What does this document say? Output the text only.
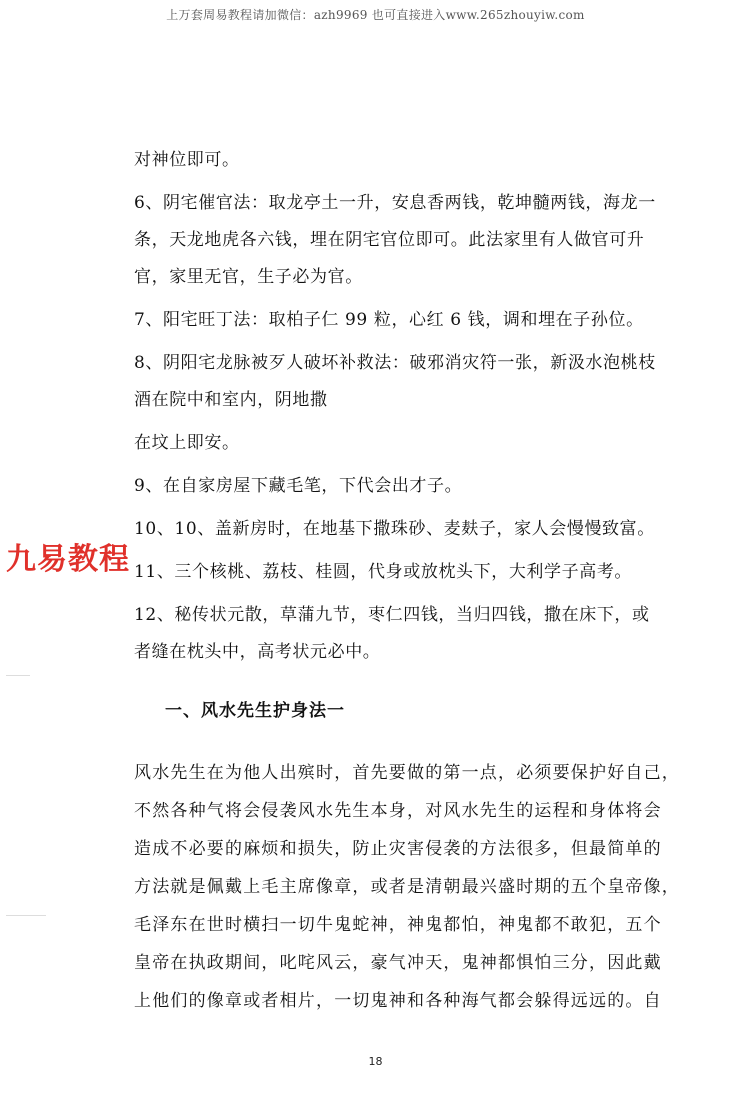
上万套周易教程请加微信：azh9969 也可直接进入www.265zhouyiw.com
对神位即可。
6、阴宅催官法：取龙亭土一升，安息香两钱，乾坤髓两钱，海龙一
条，天龙地虎各六钱，埋在阴宅官位即可。此法家里有人做官可升
官，家里无官，生子必为官。
7、阳宅旺丁法：取柏子仁 99 粒，心红 6 钱，调和埋在子孙位。
8、阴阳宅龙脉被歹人破坏补救法：破邪消灾符一张，新汲水泡桃枝
酒在院中和室内，阴地撒
在坟上即安。
9、在自家房屋下藏毛笔，下代会出才子。
10、10、盖新房时，在地基下撒珠砂、麦麸子，家人会慢慢致富。
11、三个核桃、荔枝、桂圆，代身或放枕头下，大利学子高考。
12、秘传状元散，草蒲九节，枣仁四钱，当归四钱，撒在床下，或
者缝在枕头中，高考状元必中。
九易教程
一、风水先生护身法一
风水先生在为他人出殡时，首先要做的第一点，必须要保护好自己，
不然各种气将会侵袭风水先生本身，对风水先生的运程和身体将会
造成不必要的麻烦和损失，防止灾害侵袭的方法很多，但最简单的
方法就是佩戴上毛主席像章，或者是清朝最兴盛时期的五个皇帝像，
毛泽东在世时横扫一切牛鬼蛇神，神鬼都怕，神鬼都不敢犯，五个
皇帝在执政期间，叱咤风云，豪气冲天，鬼神都惧怕三分，因此戴
上他们的像章或者相片，一切鬼神和各种海气都会躲得远远的。自
18
